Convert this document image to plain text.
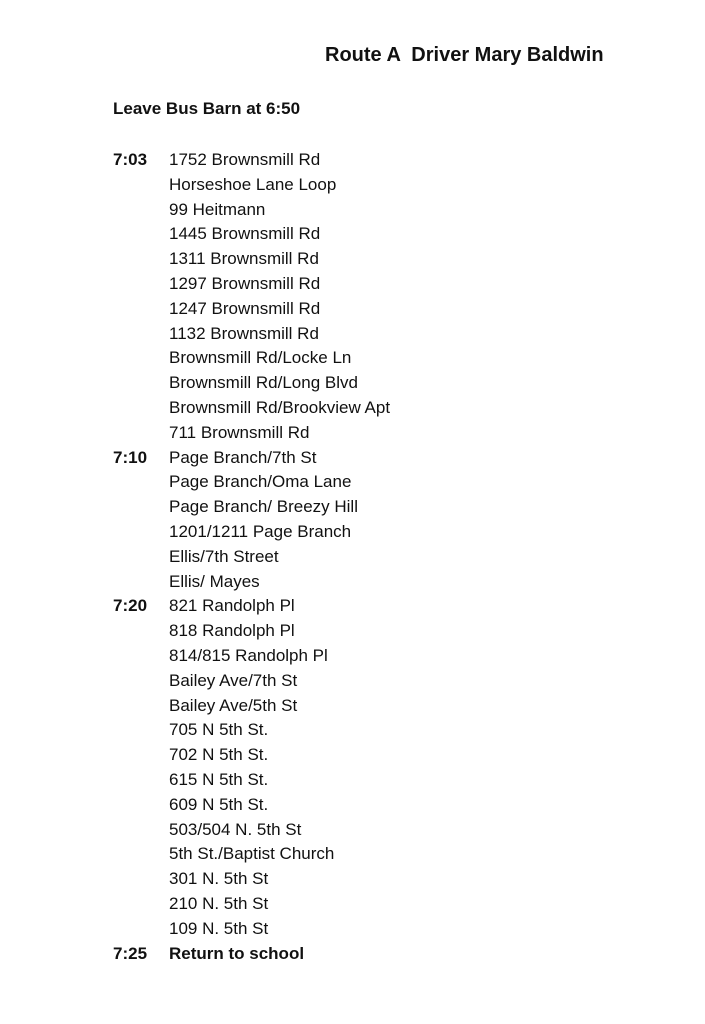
Route A  Driver Mary Baldwin
Leave Bus Barn at 6:50
7:03 1752 Brownsmill Rd
Horseshoe Lane Loop
99 Heitmann
1445 Brownsmill Rd
1311 Brownsmill Rd
1297 Brownsmill Rd
1247 Brownsmill Rd
1132 Brownsmill Rd
Brownsmill Rd/Locke Ln
Brownsmill Rd/Long Blvd
Brownsmill Rd/Brookview Apt
711 Brownsmill Rd
7:10 Page Branch/7th St
Page Branch/Oma Lane
Page Branch/ Breezy Hill
1201/1211 Page Branch
Ellis/7th Street
Ellis/ Mayes
7:20 821 Randolph Pl
818 Randolph Pl
814/815 Randolph Pl
Bailey Ave/7th St
Bailey Ave/5th St
705 N 5th St.
702 N 5th St.
615 N 5th St.
609 N 5th St.
503/504 N. 5th St
5th St./Baptist Church
301 N. 5th St
210 N. 5th St
109 N. 5th St
7:25 Return to school
